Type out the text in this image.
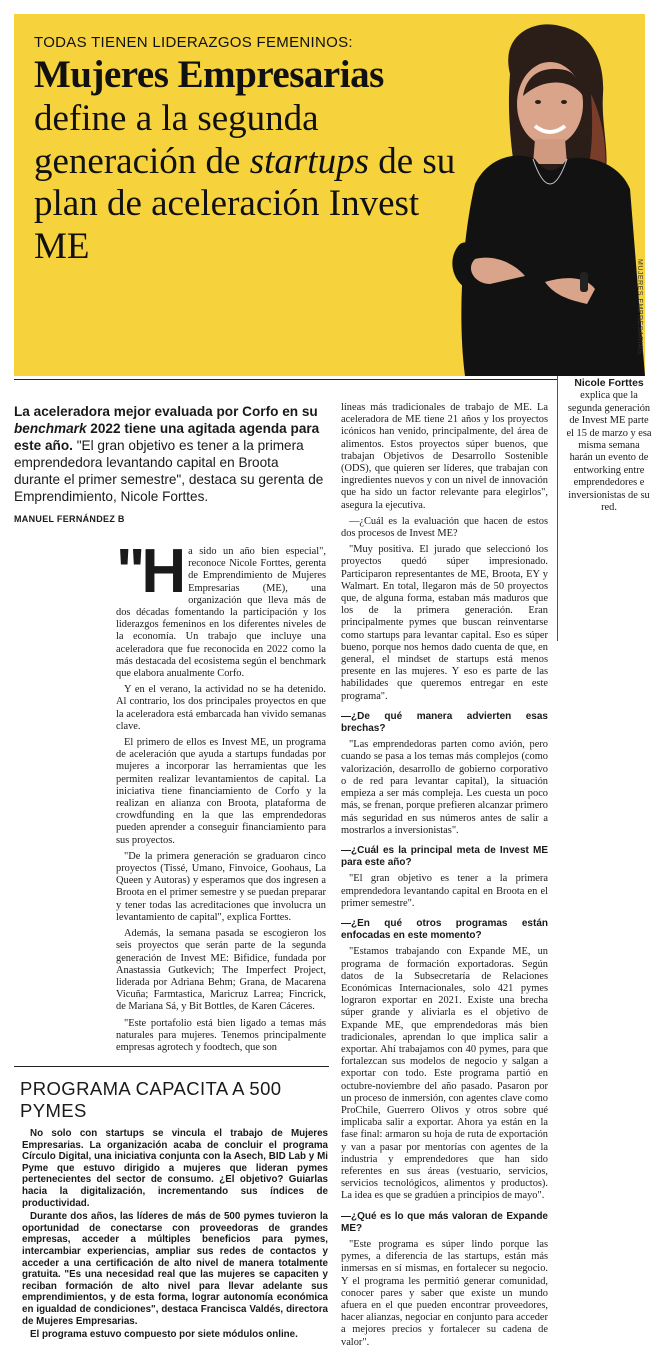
TODAS TIENEN LIDERAZGOS FEMENINOS:
Mujeres Empresarias
define a la segunda generación de startups de su plan de aceleración Invest ME
MUJERES EMPRESARIAS
Nicole Forttes
explica que la segunda generación de Invest ME parte el 15 de marzo y esa misma semana harán un evento de entworking entre emprendedores e inversionistas de su red.
La aceleradora mejor evaluada por Corfo en su benchmark 2022 tiene una agitada agenda para este año. "El gran objetivo es tener a la primera emprendedora levantando capital en Broota durante el primer semestre", destaca su gerenta de Emprendimiento, Nicole Forttes.
MANUEL FERNÁNDEZ B

"Ha sido un año bien especial", reconoce Nicole Forttes, gerenta de Emprendimiento de Mujeres Empresarias (ME), una organización que lleva más de dos décadas fomentando la participación y los liderazgos femeninos en los diferentes niveles de la economía. Un trabajo que incluye una aceleradora que fue reconocida en 2022 como la más destacada del ecosistema según el benchmark que elabora anualmente Corfo.

Y en el verano, la actividad no se ha detenido. Al contrario, los dos principales proyectos en que la aceleradora está embarcada han vivido semanas clave.

El primero de ellos es Invest ME, un programa de aceleración que ayuda a startups fundadas por mujeres a incorporar las herramientas que les permiten realizar levantamientos de capital. La iniciativa tiene financiamiento de Corfo y la realizan en alianza con Broota, plataforma de crowdfunding en la que las emprendedoras pueden aprender a conseguir financiamiento para sus proyectos.

"De la primera generación se graduaron cinco proyectos (Tissé, Umano, Finvoice, Goohaus, La Queen y Autoras) y esperamos que dos ingresen a Broota en el primer semestre y se puedan preparar y tener todas las acreditaciones que involucra un levantamiento de capital", explica Forttes.

Además, la semana pasada se escogieron los seis proyectos que serán parte de la segunda generación de Invest ME: Bifidice, fundada por Anastassia Gutkevich; The Imperfect Project, liderada por Adriana Behm; Grana, de Macarena Vicuña; Farmtastica, Maricruz Larrea; Fincrick, de Mariana Sá, y Bit Bottles, de Karen Cáceres.

"Este portafolio está bien ligado a temas más naturales para mujeres. Tenemos principalmente empresas agrotech y foodtech, que son

líneas más tradicionales de trabajo de ME. La aceleradora de ME tiene 21 años y los proyectos icónicos han venido, principalmente, del área de alimentos. Estos proyectos súper buenos, que trabajan Objetivos de Desarrollo Sostenible (ODS), que quieren ser líderes, que trabajan con ingredientes nuevos y con un nivel de innovación que ha sido un factor relevante para elegirlos", asegura la ejecutiva.

—¿Cuál es la evaluación que hacen de estos dos procesos de Invest ME?

"Muy positiva. El jurado que seleccionó los proyectos quedó súper impresionado. Participaron representantes de ME, Broota, EY y Walmart. En total, llegaron más de 50 proyectos que, de alguna forma, estaban más maduros que los de la primera generación. Eran principalmente pymes que buscan reinventarse como startups para levantar capital. Eso es súper bueno, porque nos hemos dado cuenta de que, en general, el mindset de startups está menos presente en las mujeres. Y eso es parte de las habilidades que queremos entregar en este programa".

—¿De qué manera advierten esas brechas?

"Las emprendedoras parten como avión, pero cuando se pasa a los temas más complejos (como valorización, desarrollo de gobierno corporativo o de red para levantar capital), la situación empieza a ser más compleja. Les cuesta un poco más, se frenan, porque prefieren alcanzar primero más seguridad en sus números antes de salir a mostrarlos a inversionistas".

—¿Cuál es la principal meta de Invest ME para este año?

"El gran objetivo es tener a la primera emprendedora levantando capital en Broota en el primer semestre".

—¿En qué otros programas están enfocadas en este momento?

"Estamos trabajando con Expande ME, un programa de formación exportadoras. Según datos de la Subsecretaría de Relaciones Económicas Internacionales, solo 421 pymes lograron exportar en 2021. Existe una brecha súper grande y aliviarla es el objetivo de Expande ME, que emprendedoras más bien tradicionales, aprendan lo que implica salir a exportar. Ahí trabajamos con 40 pymes, para que fortalezcan sus modelos de negocio y salgan a exportar con todo. Este programa partió en octubre-noviembre del año pasado. Pasaron por un proceso de inmersión, con agentes clave como ProChile, Guerrero Olivos y otros sobre qué implicaba salir a exportar. Ahora ya están en la fase final: armaron su hoja de ruta de exportación y van a pasar por mentorías con agentes de la industria y emprendedores que han sido referentes en sus áreas (vestuario, servicios, servicios tecnológicos, alimentos y productos). La idea es que se gradúen a principios de mayo".

—¿Qué es lo que más valoran de Expande ME?

"Este programa es súper lindo porque las pymes, a diferencia de las startups, están más inmersas en sí mismas, en fortalecer su negocio. Y el programa les permitió generar comunidad, conocer pares y saber que existe un mundo afuera en el que pueden encontrar proveedores, hacer alianzas, negociar en conjunto para acceder a mejores precios y fortalecer su cadena de valor".

PROGRAMA CAPACITA A 500 PYMES

No solo con startups se vincula el trabajo de Mujeres Empresarias. La organización acaba de concluir el programa Círculo Digital, una iniciativa conjunta con la Asech, BID Lab y Mi Pyme que estuvo dirigido a mujeres que lideran pymes pertenecientes del sector de consumo. ¿El objetivo? Guiarlas hacia la digitalización, incrementando sus índices de productividad.

Durante dos años, las líderes de más de 500 pymes tuvieron la oportunidad de conectarse con proveedoras de grandes empresas, acceder a múltiples beneficios para pymes, intercambiar experiencias, ampliar sus redes de contactos y acceder a una certificación de alto nivel de manera totalmente gratuita. "Es una necesidad real que las mujeres se capaciten y reciban formación de alto nivel para llevar adelante sus emprendimientos, y de esta forma, lograr autonomía económica en igualdad de condiciones", destaca Francisca Valdés, directora de Mujeres Empresarias.

El programa estuvo compuesto por siete módulos online.
